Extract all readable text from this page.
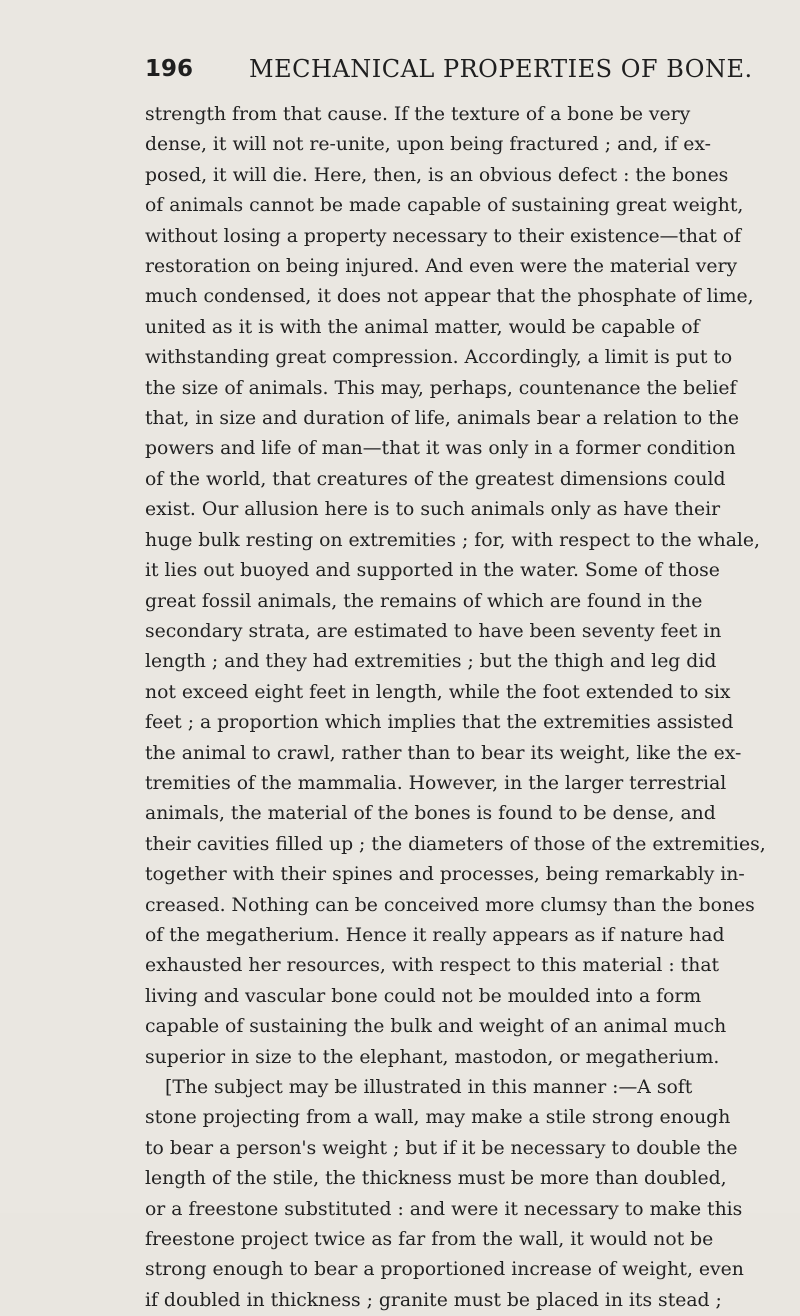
196 MECHANICAL PROPERTIES OF BONE.
strength from that cause. If the texture of a bone be very
dense, it will not re-unite, upon being fractured ; and, if ex-
posed, it will die. Here, then, is an obvious defect : the bones
of animals cannot be made capable of sustaining great weight,
without losing a property necessary to their existence—that of
restoration on being injured. And even were the material very
much condensed, it does not appear that the phosphate of lime,
united as it is with the animal matter, would be capable of
withstanding great compression. Accordingly, a limit is put to
the size of animals. This may, perhaps, countenance the belief
that, in size and duration of life, animals bear a relation to the
powers and life of man—that it was only in a former condition
of the world, that creatures of the greatest dimensions could
exist. Our allusion here is to such animals only as have their
huge bulk resting on extremities ; for, with respect to the whale,
it lies out buoyed and supported in the water. Some of those
great fossil animals, the remains of which are found in the
secondary strata, are estimated to have been seventy feet in
length ; and they had extremities ; but the thigh and leg did
not exceed eight feet in length, while the foot extended to six
feet ; a proportion which implies that the extremities assisted
the animal to crawl, rather than to bear its weight, like the ex-
tremities of the mammalia. However, in the larger terrestrial
animals, the material of the bones is found to be dense, and
their cavities filled up ; the diameters of those of the extremities,
together with their spines and processes, being remarkably in-
creased. Nothing can be conceived more clumsy than the bones
of the megatherium. Hence it really appears as if nature had
exhausted her resources, with respect to this material : that
living and vascular bone could not be moulded into a form
capable of sustaining the bulk and weight of an animal much
superior in size to the elephant, mastodon, or megatherium.
[The subject may be illustrated in this manner :—A soft
stone projecting from a wall, may make a stile strong enough
to bear a person's weight ; but if it be necessary to double the
length of the stile, the thickness must be more than doubled,
or a freestone substituted : and were it necessary to make this
freestone project twice as far from the wall, it would not be
strong enough to bear a proportioned increase of weight, even
if doubled in thickness ; granite must be placed in its stead ;
